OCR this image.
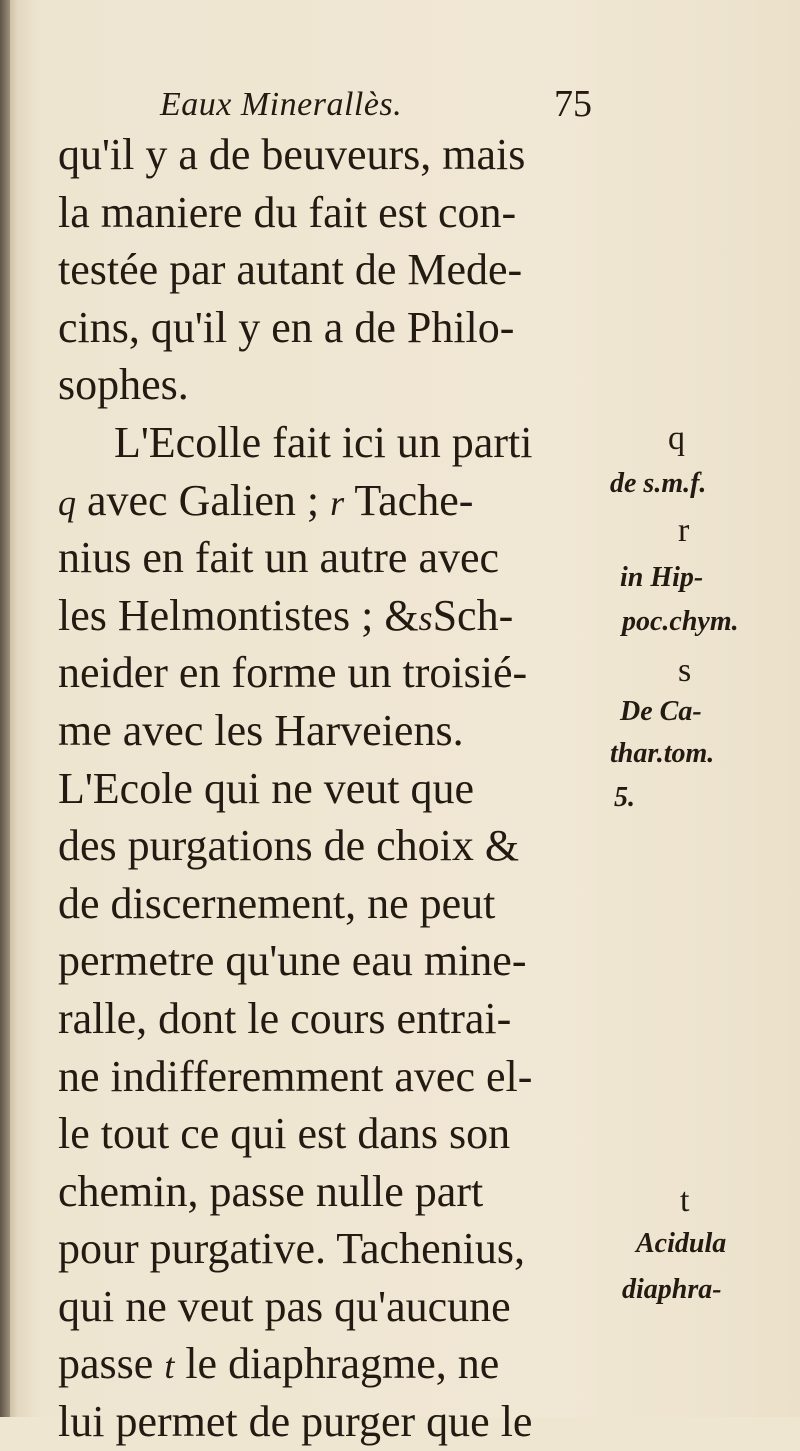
Eaux Minerallès.	75
qu'il y a de beuveurs, mais
la maniere du fait est con-
testée par autant de Mede-
cins, qu'il y en a de Philo-
sophes.
L'Ecolle fait ici un parti
q avec Galien ; r Tache-
nius en fait un autre avec
les Helmontistes ; &sSch-
neider en forme un troisié-
me avec les Harveiens.
L'Ecole qui ne veut que
des purgations de choix &
de discernement, ne peut
permetre qu'une eau mine-
ralle, dont le cours entrai-
ne indifferemment avec el-
le tout ce qui est dans son
chemin, passe nulle part
pour purgative. Tachenius,
qui ne veut pas qu'aucune
passe t le diaphragme, ne
lui permet de purger que le
q
de s.m.f.
r
in Hip-
poc.chym.
s
De Ca-
thar.tom.
5.
t
Acidula
diaphra-
